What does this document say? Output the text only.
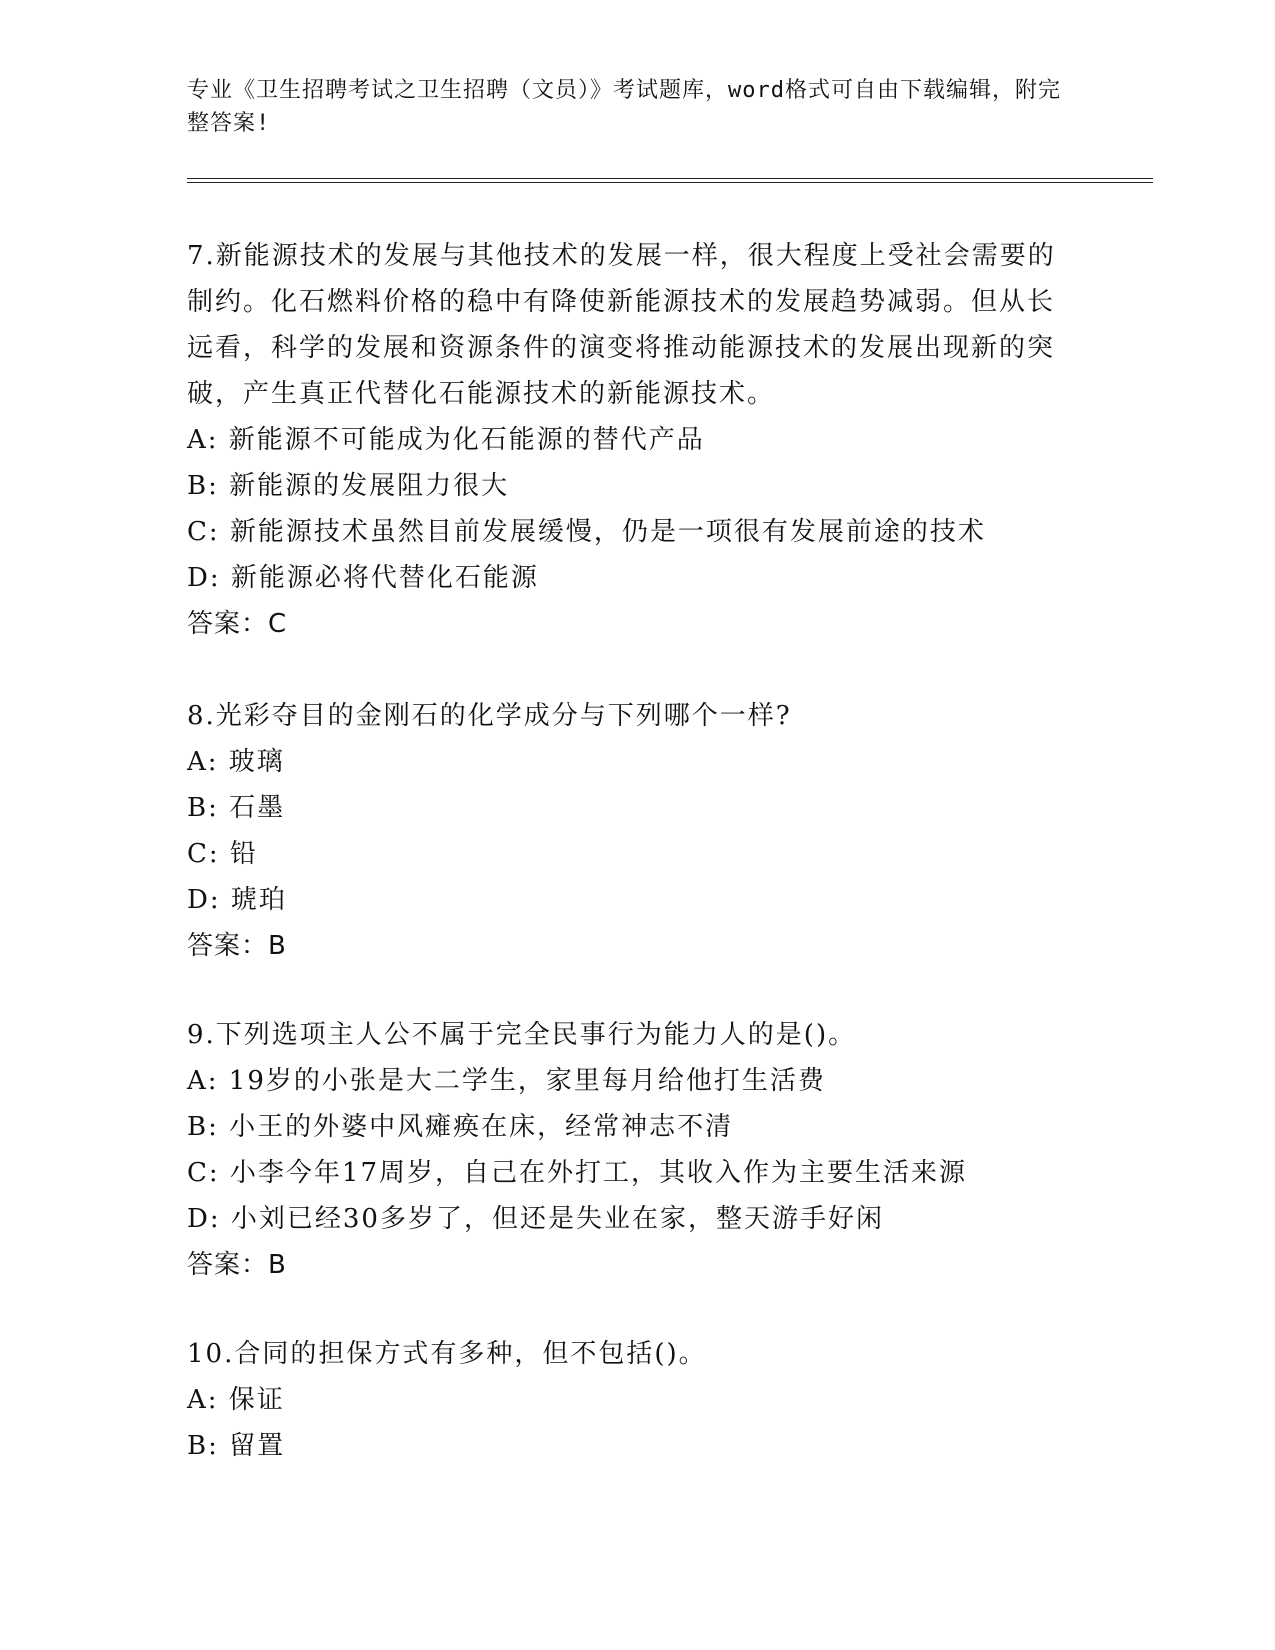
专业《卫生招聘考试之卫生招聘（文员）》考试题库，word格式可自由下载编辑，附完整答案!
7.新能源技术的发展与其他技术的发展一样，很大程度上受社会需要的制约。化石燃料价格的稳中有降使新能源技术的发展趋势减弱。但从长远看，科学的发展和资源条件的演变将推动能源技术的发展出现新的突破，产生真正代替化石能源技术的新能源技术。
A: 新能源不可能成为化石能源的替代产品
B: 新能源的发展阻力很大
C: 新能源技术虽然目前发展缓慢，仍是一项很有发展前途的技术
D: 新能源必将代替化石能源
答案：C
8.光彩夺目的金刚石的化学成分与下列哪个一样?
A: 玻璃
B: 石墨
C: 铅
D: 琥珀
答案：B
9.下列选项主人公不属于完全民事行为能力人的是()。
A: 19岁的小张是大二学生，家里每月给他打生活费
B: 小王的外婆中风瘫痪在床，经常神志不清
C: 小李今年17周岁，自己在外打工，其收入作为主要生活来源
D: 小刘已经30多岁了，但还是失业在家，整天游手好闲
答案：B
10.合同的担保方式有多种，但不包括()。
A: 保证
B: 留置
